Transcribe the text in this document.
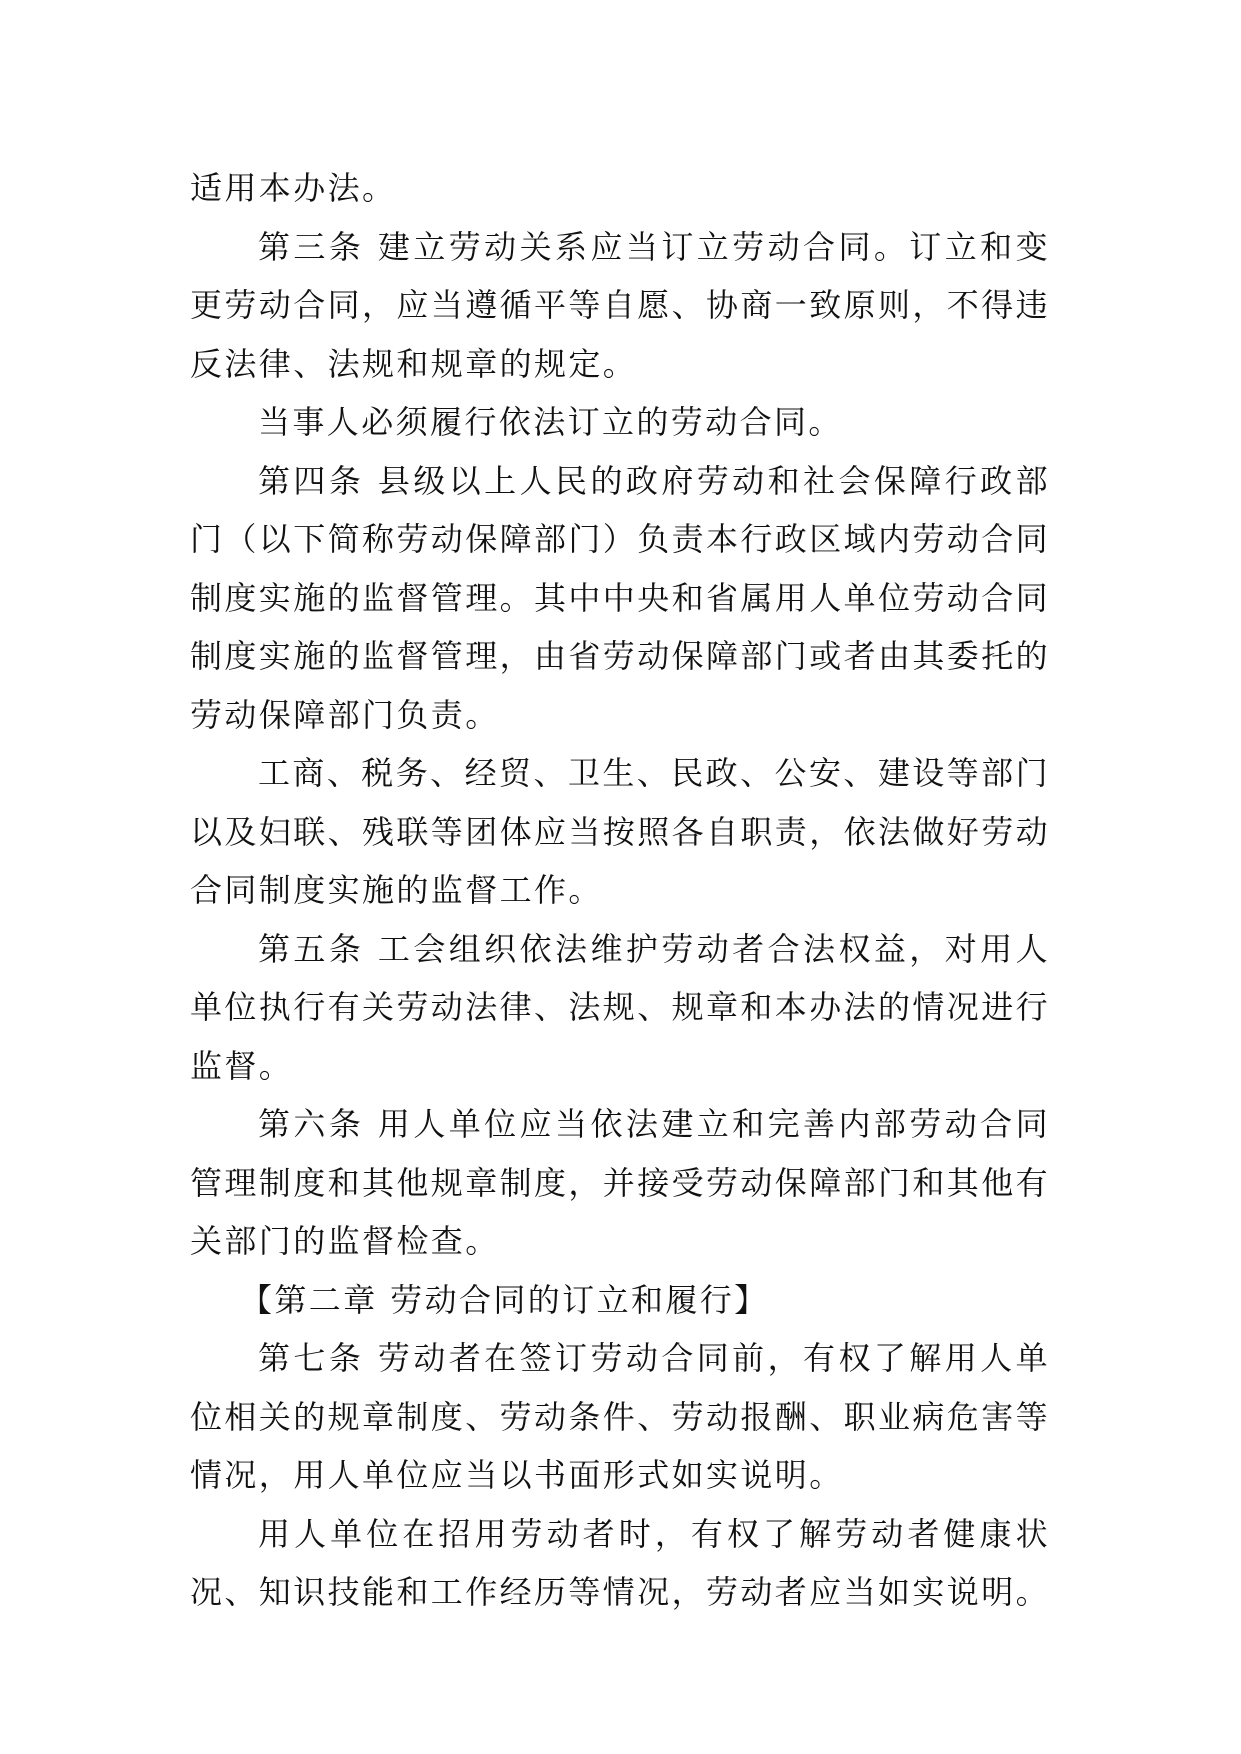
适用本办法。

第三条 建立劳动关系应当订立劳动合同。订立和变更劳动合同，应当遵循平等自愿、协商一致原则，不得违反法律、法规和规章的规定。

当事人必须履行依法订立的劳动合同。

第四条 县级以上人民的政府劳动和社会保障行政部门（以下简称劳动保障部门）负责本行政区域内劳动合同制度实施的监督管理。其中中央和省属用人单位劳动合同制度实施的监督管理，由省劳动保障部门或者由其委托的劳动保障部门负责。

工商、税务、经贸、卫生、民政、公安、建设等部门以及妇联、残联等团体应当按照各自职责，依法做好劳动合同制度实施的监督工作。

第五条 工会组织依法维护劳动者合法权益，对用人单位执行有关劳动法律、法规、规章和本办法的情况进行监督。

第六条 用人单位应当依法建立和完善内部劳动合同管理制度和其他规章制度，并接受劳动保障部门和其他有关部门的监督检查。

【第二章 劳动合同的订立和履行】

第七条 劳动者在签订劳动合同前，有权了解用人单位相关的规章制度、劳动条件、劳动报酬、职业病危害等情况，用人单位应当以书面形式如实说明。

用人单位在招用劳动者时，有权了解劳动者健康状况、知识技能和工作经历等情况，劳动者应当如实说明。
